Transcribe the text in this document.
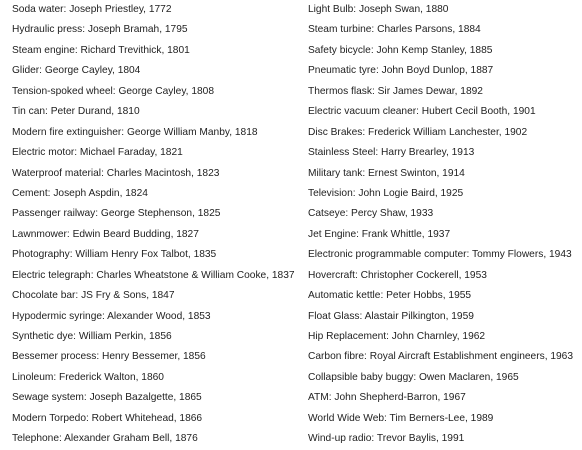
Soda water: Joseph Priestley, 1772
Hydraulic press: Joseph Bramah, 1795
Steam engine: Richard Trevithick, 1801
Glider: George Cayley, 1804
Tension-spoked wheel: George Cayley, 1808
Tin can: Peter Durand, 1810
Modern fire extinguisher: George William Manby, 1818
Electric motor: Michael Faraday, 1821
Waterproof material: Charles Macintosh, 1823
Cement: Joseph Aspdin, 1824
Passenger railway: George Stephenson, 1825
Lawnmower: Edwin Beard Budding, 1827
Photography: William Henry Fox Talbot, 1835
Electric telegraph: Charles Wheatstone & William Cooke, 1837
Chocolate bar: JS Fry & Sons, 1847
Hypodermic syringe: Alexander Wood, 1853
Synthetic dye: William Perkin, 1856
Bessemer process: Henry Bessemer, 1856
Linoleum: Frederick Walton, 1860
Sewage system: Joseph Bazalgette, 1865
Modern Torpedo: Robert Whitehead, 1866
Telephone: Alexander Graham Bell, 1876
Light Bulb: Joseph Swan, 1880
Steam turbine: Charles Parsons, 1884
Safety bicycle: John Kemp Stanley, 1885
Pneumatic tyre: John Boyd Dunlop, 1887
Thermos flask: Sir James Dewar, 1892
Electric vacuum cleaner: Hubert Cecil Booth, 1901
Disc Brakes: Frederick William Lanchester, 1902
Stainless Steel: Harry Brearley, 1913
Military tank: Ernest Swinton, 1914
Television: John Logie Baird, 1925
Catseye: Percy Shaw, 1933
Jet Engine: Frank Whittle, 1937
Electronic programmable computer: Tommy Flowers, 1943
Hovercraft: Christopher Cockerell, 1953
Automatic kettle: Peter Hobbs, 1955
Float Glass: Alastair Pilkington, 1959
Hip Replacement: John Charnley, 1962
Carbon fibre: Royal Aircraft Establishment engineers, 1963
Collapsible baby buggy: Owen Maclaren, 1965
ATM: John Shepherd-Barron, 1967
World Wide Web: Tim Berners-Lee, 1989
Wind-up radio: Trevor Baylis, 1991
